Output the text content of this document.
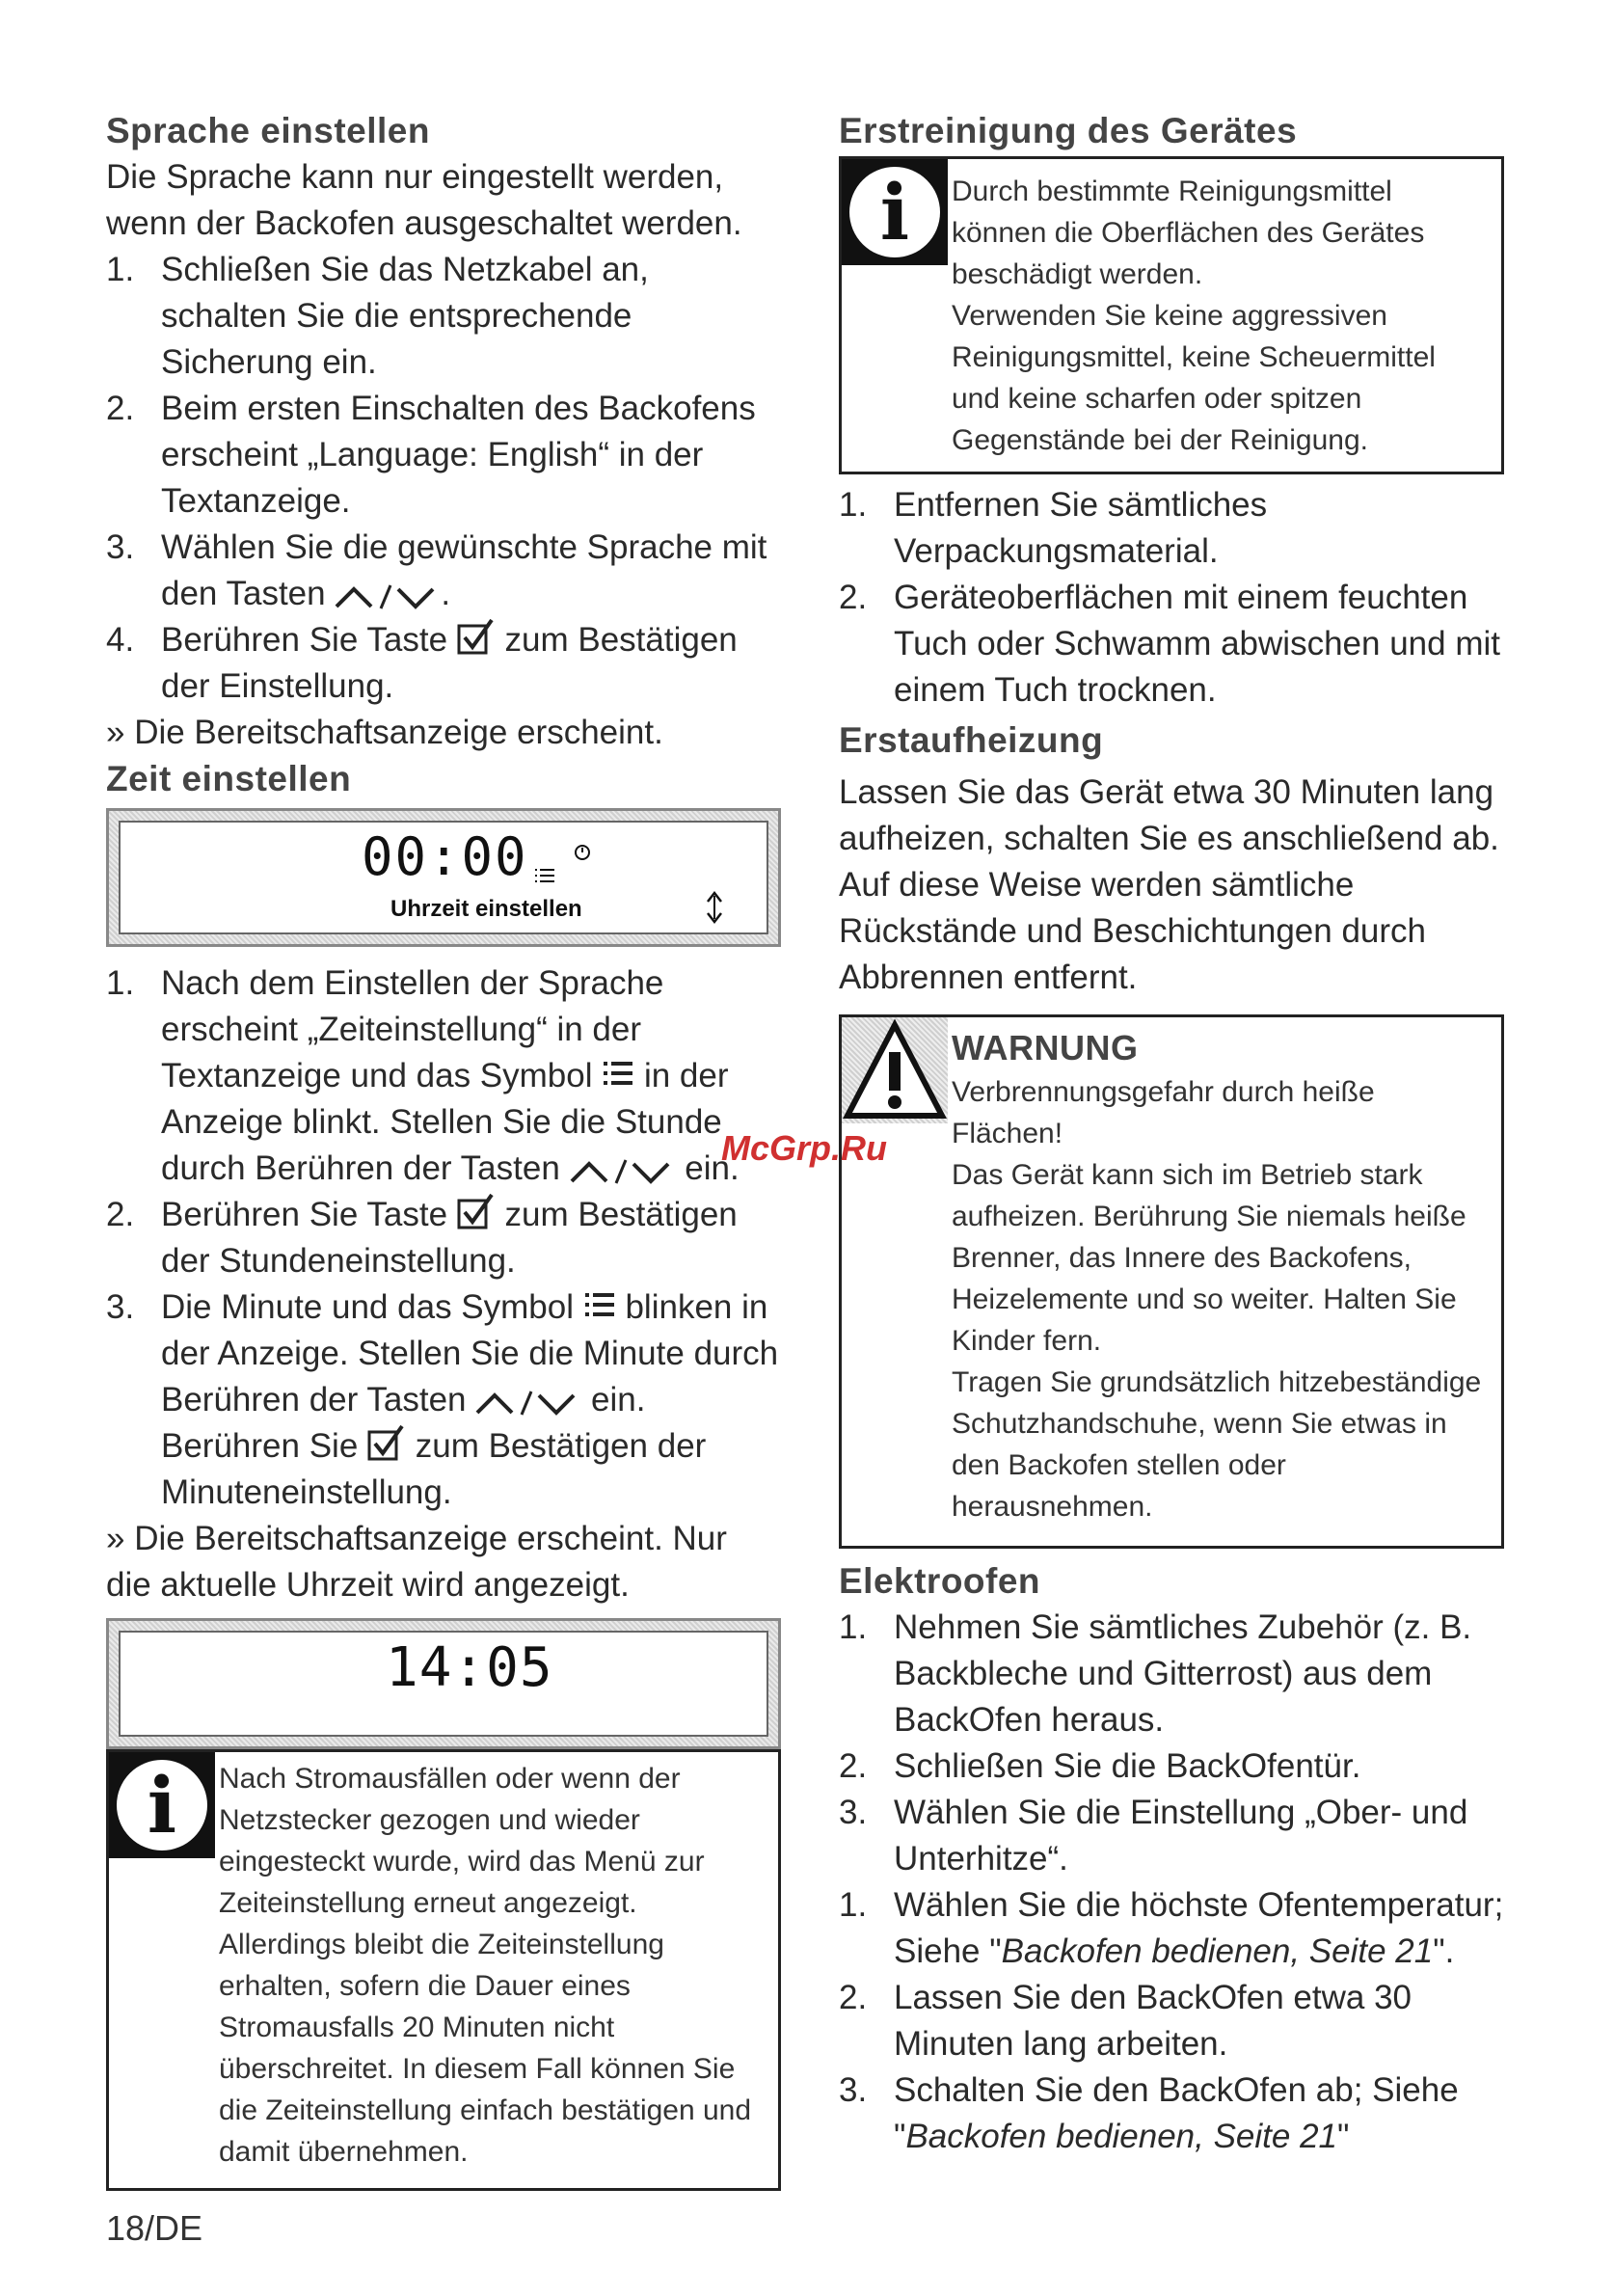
Sprache einstellen

Die Sprache kann nur eingestellt werden, wenn der Backofen ausgeschaltet werden.

1. Schließen Sie das Netzkabel an, schalten Sie die entsprechende Sicherung ein.
2. Beim ersten Einschalten des Backofens erscheint „Language: English“ in der Textanzeige.
3. Wählen Sie die gewünschte Sprache mit den Tasten	.
4. Berühren Sie Taste zum Bestätigen der Einstellung.

» Die Bereitschaftsanzeige erscheint.

Zeit einstellen
00:00
Uhrzeit einstellen
1. Nach dem Einstellen der Sprache erscheint „Zeiteinstellung“ in der Textanzeige und das Symbol in der Anzeige blinkt. Stellen Sie die Stunde durch Berühren der Tasten	ein.
2. Berühren Sie Taste zum Bestätigen der Stundeneinstellung.
3. Die Minute und das Symbol blinken in der Anzeige. Stellen Sie die Minute durch Berühren der Tasten	ein. Berühren Sie zum Bestätigen der Minuteneinstellung.

» Die Bereitschaftsanzeige erscheint. Nur die aktuelle Uhrzeit wird angezeigt.

14:05
i	Nach Stromausfällen oder wenn der Netzstecker gezogen und wieder eingesteckt wurde, wird das Menü zur Zeiteinstellung erneut angezeigt. Allerdings bleibt die Zeiteinstellung erhalten, sofern die Dauer eines Stromausfalls 20 Minuten nicht überschreitet. In diesem Fall können Sie die Zeiteinstellung einfach bestätigen und damit übernehmen.
Erstreinigung des Gerätes
i	Durch bestimmte Reinigungsmittel können die Oberflächen des Gerätes beschädigt werden.
Verwenden Sie keine aggressiven Reinigungsmittel, keine Scheuermittel und keine scharfen oder spitzen Gegenstände bei der Reinigung.
1. Entfernen Sie sämtliches Verpackungsmaterial.
2. Geräteoberflächen mit einem feuchten Tuch oder Schwamm abwischen und mit einem Tuch trocknen.
Erstaufheizung

Lassen Sie das Gerät etwa 30 Minuten lang aufheizen, schalten Sie es anschließend ab. Auf diese Weise werden sämtliche Rückstände und Beschichtungen durch Abbrennen entfernt.

WARNUNG
Verbrennungsgefahr durch heiße Flächen!
Das Gerät kann sich im Betrieb stark aufheizen. Berührung Sie niemals heiße Brenner, das Innere des Backofens, Heizelemente und so weiter. Halten Sie Kinder fern.
Tragen Sie grundsätzlich hitzebeständige Schutzhandschuhe, wenn Sie etwas in den Backofen stellen oder herausnehmen.
Elektroofen
1. Nehmen Sie sämtliches Zubehör (z. B. Backbleche und Gitterrost) aus dem BackOfen heraus.
2. Schließen Sie die BackOfentür.
3. Wählen Sie die Einstellung „Ober- und Unterhitze“.
1. Wählen Sie die höchste Ofentemperatur; Siehe "Backofen bedienen, Seite 21".
2. Lassen Sie den BackOfen etwa 30 Minuten lang arbeiten.
3. Schalten Sie den BackOfen ab; Siehe "Backofen bedienen, Seite 21"
McGrp.Ru
18/DE
